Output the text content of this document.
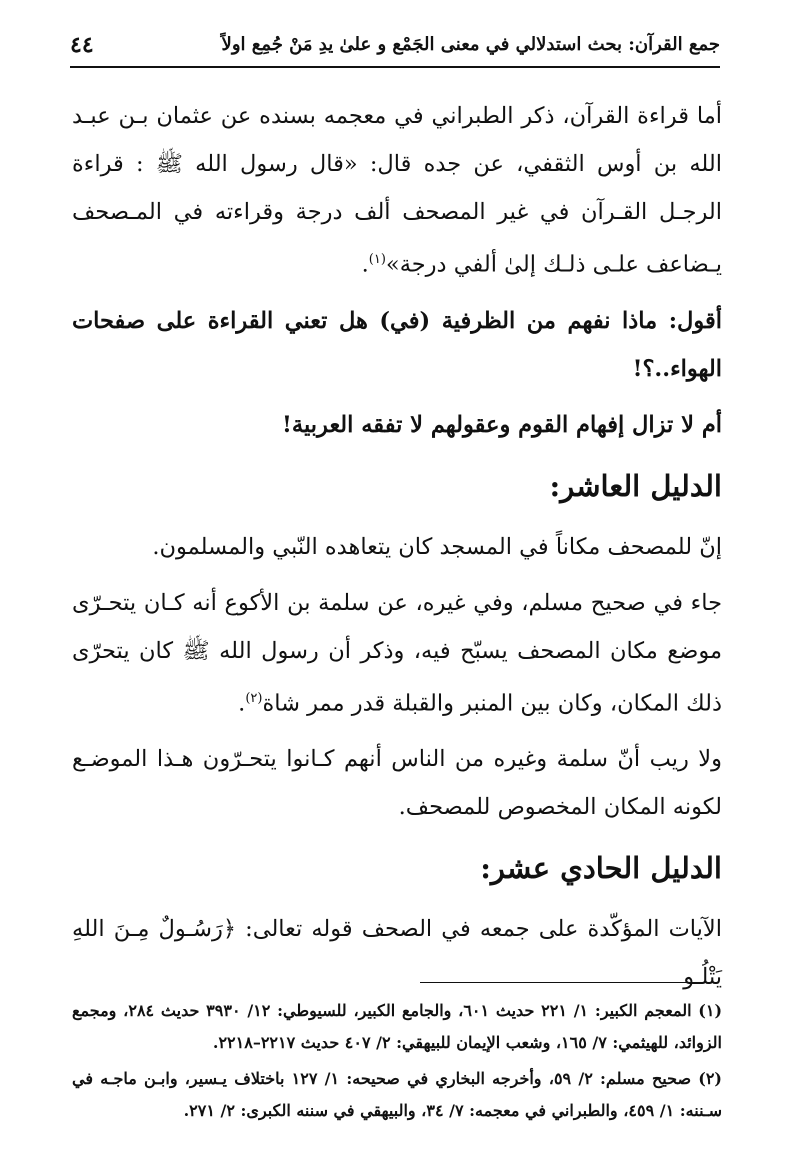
جمع القرآن: بحث استدلالي في معنى الجَمْع و علىٰ يدِ مَنْ جُمِع اولاً
٤٤

أما قراءة القرآن، ذكر الطبراني في معجمه بسنده عن عثمان بـن عبـد الله بن أوس الثقفي، عن جده قال: «قال رسول الله ﷺ : قراءة الرجـل القـرآن في غير المصحف ألف درجة وقراءته في المـصحف يـضاعف علـى ذلـك إلىٰ ألفي درجة»$^{(١)}$.

أقول: ماذا نفهم من الظرفية (في) هل تعني القراءة على صفحات الهواء..؟!

أم لا تزال إفهام القوم وعقولهم لا تفقه العربية!

الدليل العاشر:

إنّ للمصحف مكاناً في المسجد كان يتعاهده النّبي والمسلمون.

جاء في صحيح مسلم، وفي غيره، عن سلمة بن الأكوع أنه كـان يتحـرّى موضع مكان المصحف يسبّح فيه، وذكر أن رسول الله ﷺ كان يتحرّى ذلك المكان، وكان بين المنبر والقبلة قدر ممر شاة$^{(٢)}$.

ولا ريب أنّ سلمة وغيره من الناس أنهم كـانوا يتحـرّون هـذا الموضـع لكونه المكان المخصوص للمصحف.

الدليل الحادي عشر:

الآيات المؤكّدة على جمعه في الصحف قوله تعالى: ﴿رَسُـولٌ مِـنَ اللهِ يَتْلُـو

(١) المعجم الكبير: ١/ ٢٢١ حديث ٦٠١، والجامع الكبير، للسيوطي: ١٢/ ٣٩٣٠ حديث ٢٨٤، ومجمع الزوائد، للهيثمي: ٧/ ١٦٥، وشعب الإيمان للبيهقي: ٢/ ٤٠٧ حديث ٢٢١٧–٢٢١٨.

(٢) صحيح مسلم: ٢/ ٥٩، وأخرجه البخاري في صحيحه: ١/ ١٢٧ باختلاف يـسير، وابـن ماجـه في سـننه: ١/ ٤٥٩، والطبراني في معجمه: ٧/ ٣٤، والبيهقي في سننه الكبرى: ٢/ ٢٧١.
